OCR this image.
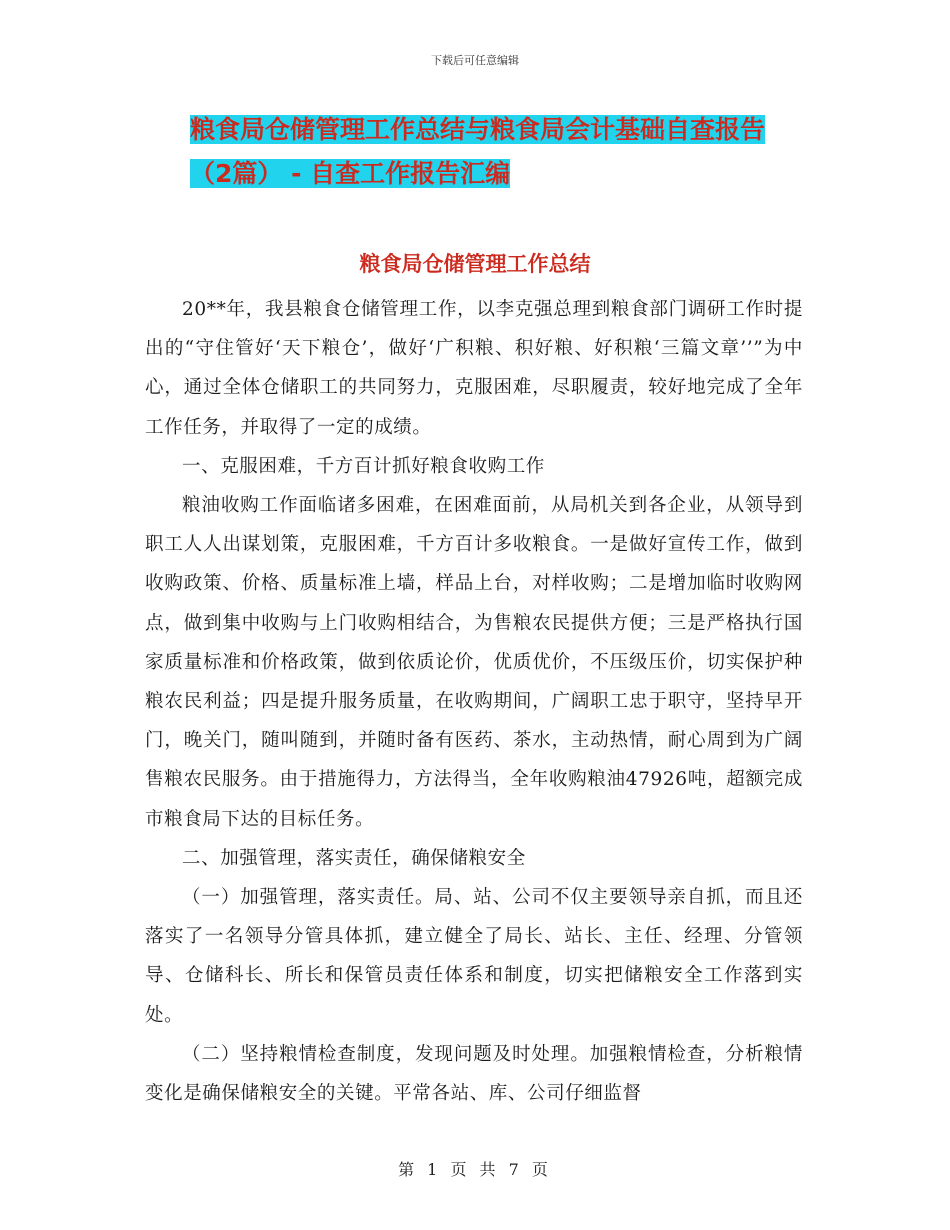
下载后可任意编辑
粮食局仓储管理工作总结与粮食局会计基础自查报告
（2篇） - 自查工作报告汇编
粮食局仓储管理工作总结

20**年，我县粮食仓储管理工作，以李克强总理到粮食部门调研工作时提出的“守住管好‘天下粮仓’，做好‘广积粮、积好粮、好积粮‘三篇文章’’”为中心，通过全体仓储职工的共同努力，克服困难，尽职履责，较好地完成了全年工作任务，并取得了一定的成绩。

一、克服困难，千方百计抓好粮食收购工作

粮油收购工作面临诸多困难，在困难面前，从局机关到各企业，从领导到职工人人出谋划策，克服困难，千方百计多收粮食。一是做好宣传工作，做到收购政策、价格、质量标准上墙，样品上台，对样收购；二是增加临时收购网点，做到集中收购与上门收购相结合，为售粮农民提供方便；三是严格执行国家质量标准和价格政策，做到依质论价，优质优价，不压级压价，切实保护种粮农民利益；四是提升服务质量，在收购期间，广阔职工忠于职守，坚持早开门，晚关门，随叫随到，并随时备有医药、茶水，主动热情，耐心周到为广阔售粮农民服务。由于措施得力，方法得当，全年收购粮油47926吨，超额完成市粮食局下达的目标任务。

二、加强管理，落实责任，确保储粮安全

（一）加强管理，落实责任。局、站、公司不仅主要领导亲自抓，而且还落实了一名领导分管具体抓，建立健全了局长、站长、主任、经理、分管领导、仓储科长、所长和保管员责任体系和制度，切实把储粮安全工作落到实处。

（二）坚持粮情检查制度，发现问题及时处理。加强粮情检查，分析粮情变化是确保储粮安全的关键。平常各站、库、公司仔细监督

第 1 页 共 7 页
